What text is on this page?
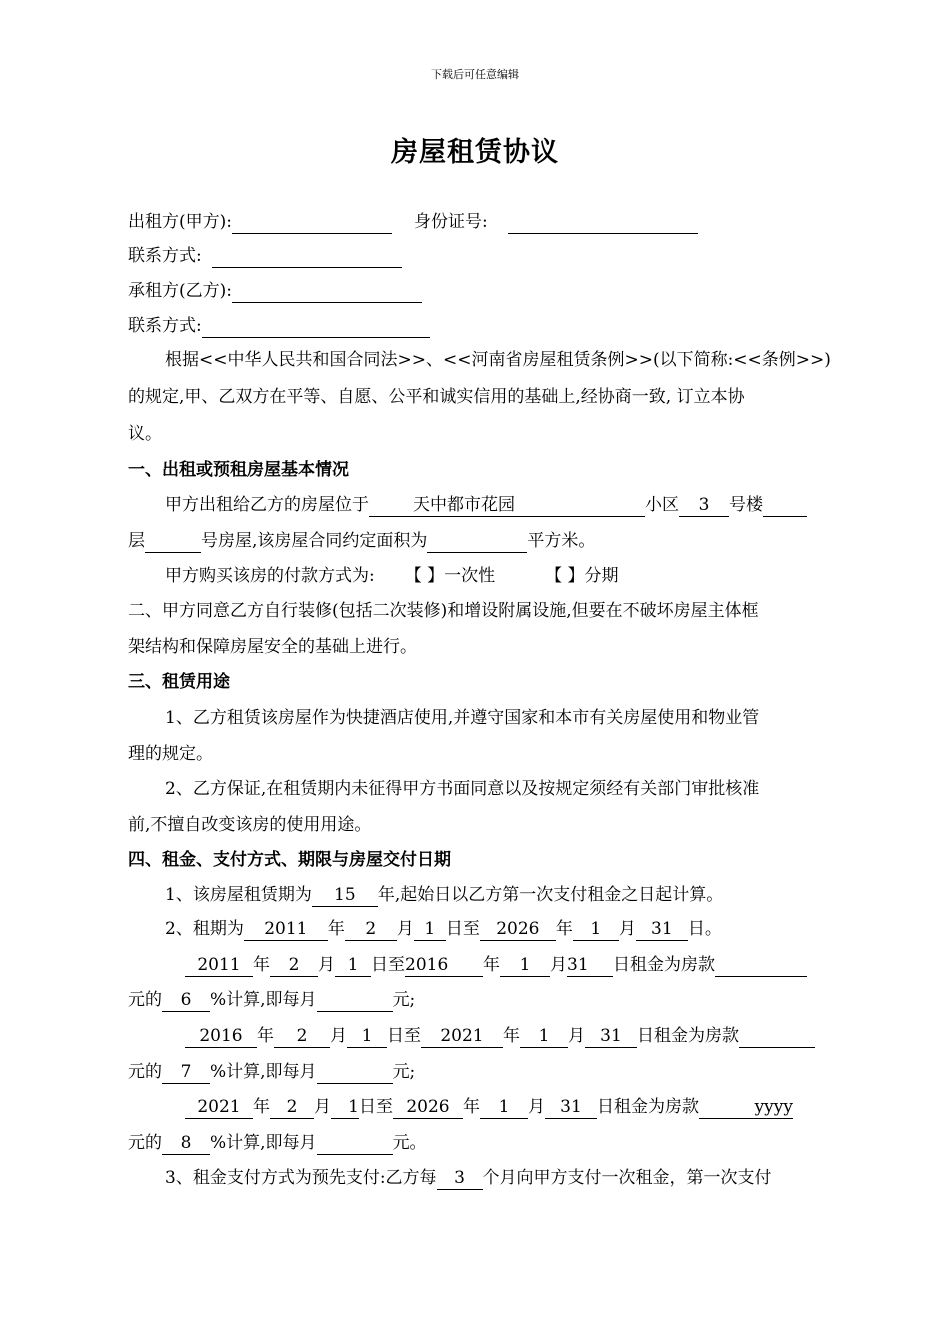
下载后可任意编辑
房屋租赁协议
出租方(甲方):	身份证号:
联系方式:
承租方(乙方):
联系方式:
根据<<中华人民共和国合同法>>、<<河南省房屋租赁条例>>(以下简称:<<条例>>)
的规定,甲、乙双方在平等、自愿、公平和诚实信用的基础上,经协商一致, 订立本协
议。
一、出租或预租房屋基本情况
甲方出租给乙方的房屋位于	天中都市花园	小区 3 号楼
层	号房屋,该房屋合同约定面积为	平方米。
甲方购买该房的付款方式为: 【 】一次性	【 】分期
二、甲方同意乙方自行装修(包括二次装修)和增设附属设施,但要在不破坏房屋主体框
架结构和保障房屋安全的基础上进行。
三、租赁用途
1、乙方租赁该房屋作为快捷酒店使用,并遵守国家和本市有关房屋使用和物业管
理的规定。
2、乙方保证,在租赁期内未征得甲方书面同意以及按规定须经有关部门审批核准
前,不擅自改变该房的使用用途。
四、租金、支付方式、期限与房屋交付日期
1、该房屋租赁期为 15 年,起始日以乙方第一次支付租金之日起计算。
2、租期为 2011 年 2 月 1 日至 2026 年 1 月 31 日。
2011 年 2 月 1 日至2016 年 1 月31 日租金为房款
元的 6 %计算,即每月	元;
2016 年 2 月 1 日至 2021 年 1 月 31 日租金为房款
元的 7 %计算,即每月	元;
2021 年 2 月 1日至 2026 年 1 月 31 日租金为房款	yyyy
元的 8 %计算,即每月	元。
3、租金支付方式为预先支付:乙方每 3 个月向甲方支付一次租金，第一次支付
